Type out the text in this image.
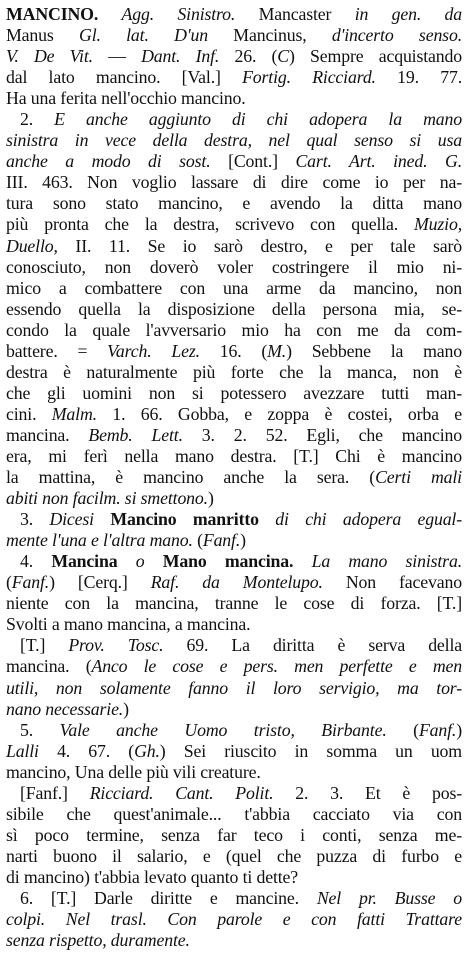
MANCINO. Agg. Sinistro. Mancaster in gen. da
Manus Gl. lat. D'un Mancinus, d'incerto senso.
V. De Vit. — Dant. Inf. 26. (C) Sempre acquistando
dal lato mancino. [Val.] Fortig. Ricciard. 19. 77.
Ha una ferita nell'occhio mancino.
2. E anche aggiunto di chi adopera la mano
sinistra in vece della destra, nel qual senso si usa
anche a modo di sost. [Cont.] Cart. Art. ined. G.
III. 463. Non voglio lassare di dire come io per na-
tura sono stato mancino, e avendo la ditta mano
più pronta che la destra, scrivevo con quella. Muzio,
Duello, II. 11. Se io sarò destro, e per tale sarò
conosciuto, non doverò voler costringere il mio ni-
mico a combattere con una arme da mancino, non
essendo quella la disposizione della persona mia, se-
condo la quale l'avversario mio ha con me da com-
battere. = Varch. Lez. 16. (M.) Sebbene la mano
destra è naturalmente più forte che la manca, non è
che gli uomini non si potessero avezzare tutti man-
cini. Malm. 1. 66. Gobba, e zoppa è costei, orba e
mancina. Bemb. Lett. 3. 2. 52. Egli, che mancino
era, mi ferì nella mano destra. [T.] Chi è mancino
la mattina, è mancino anche la sera. (Certi mali
abiti non facilm. si smettono.)
3. Dicesi Mancino manritto di chi adopera egual-
mente l'una e l'altra mano. (Fanf.)
4. Mancina o Mano mancina. La mano sinistra.
(Fanf.) [Cerq.] Raf. da Montelupo. Non facevano
niente con la mancina, tranne le cose di forza. [T.]
Svolti a mano mancina, a mancina.
[T.] Prov. Tosc. 69. La diritta è serva della
mancina. (Anco le cose e pers. men perfette e men
utili, non solamente fanno il loro servigio, ma tor-
nano necessarie.)
5. Vale anche Uomo tristo, Birbante. (Fanf.)
Lalli 4. 67. (Gh.) Sei riuscito in somma un uom
mancino, Una delle più vili creature.
[Fanf.] Ricciard. Cant. Polit. 2. 3. Et è pos-
sibile che quest'animale... t'abbia cacciato via con
sì poco termine, senza far teco i conti, senza me-
narti buono il salario, e (quel che puzza di furbo e
di mancino) t'abbia levato quanto ti dette?
6. [T.] Darle diritte e mancine. Nel pr. Busse o
colpi. Nel trasl. Con parole e con fatti Trattare
senza rispetto, duramente.
